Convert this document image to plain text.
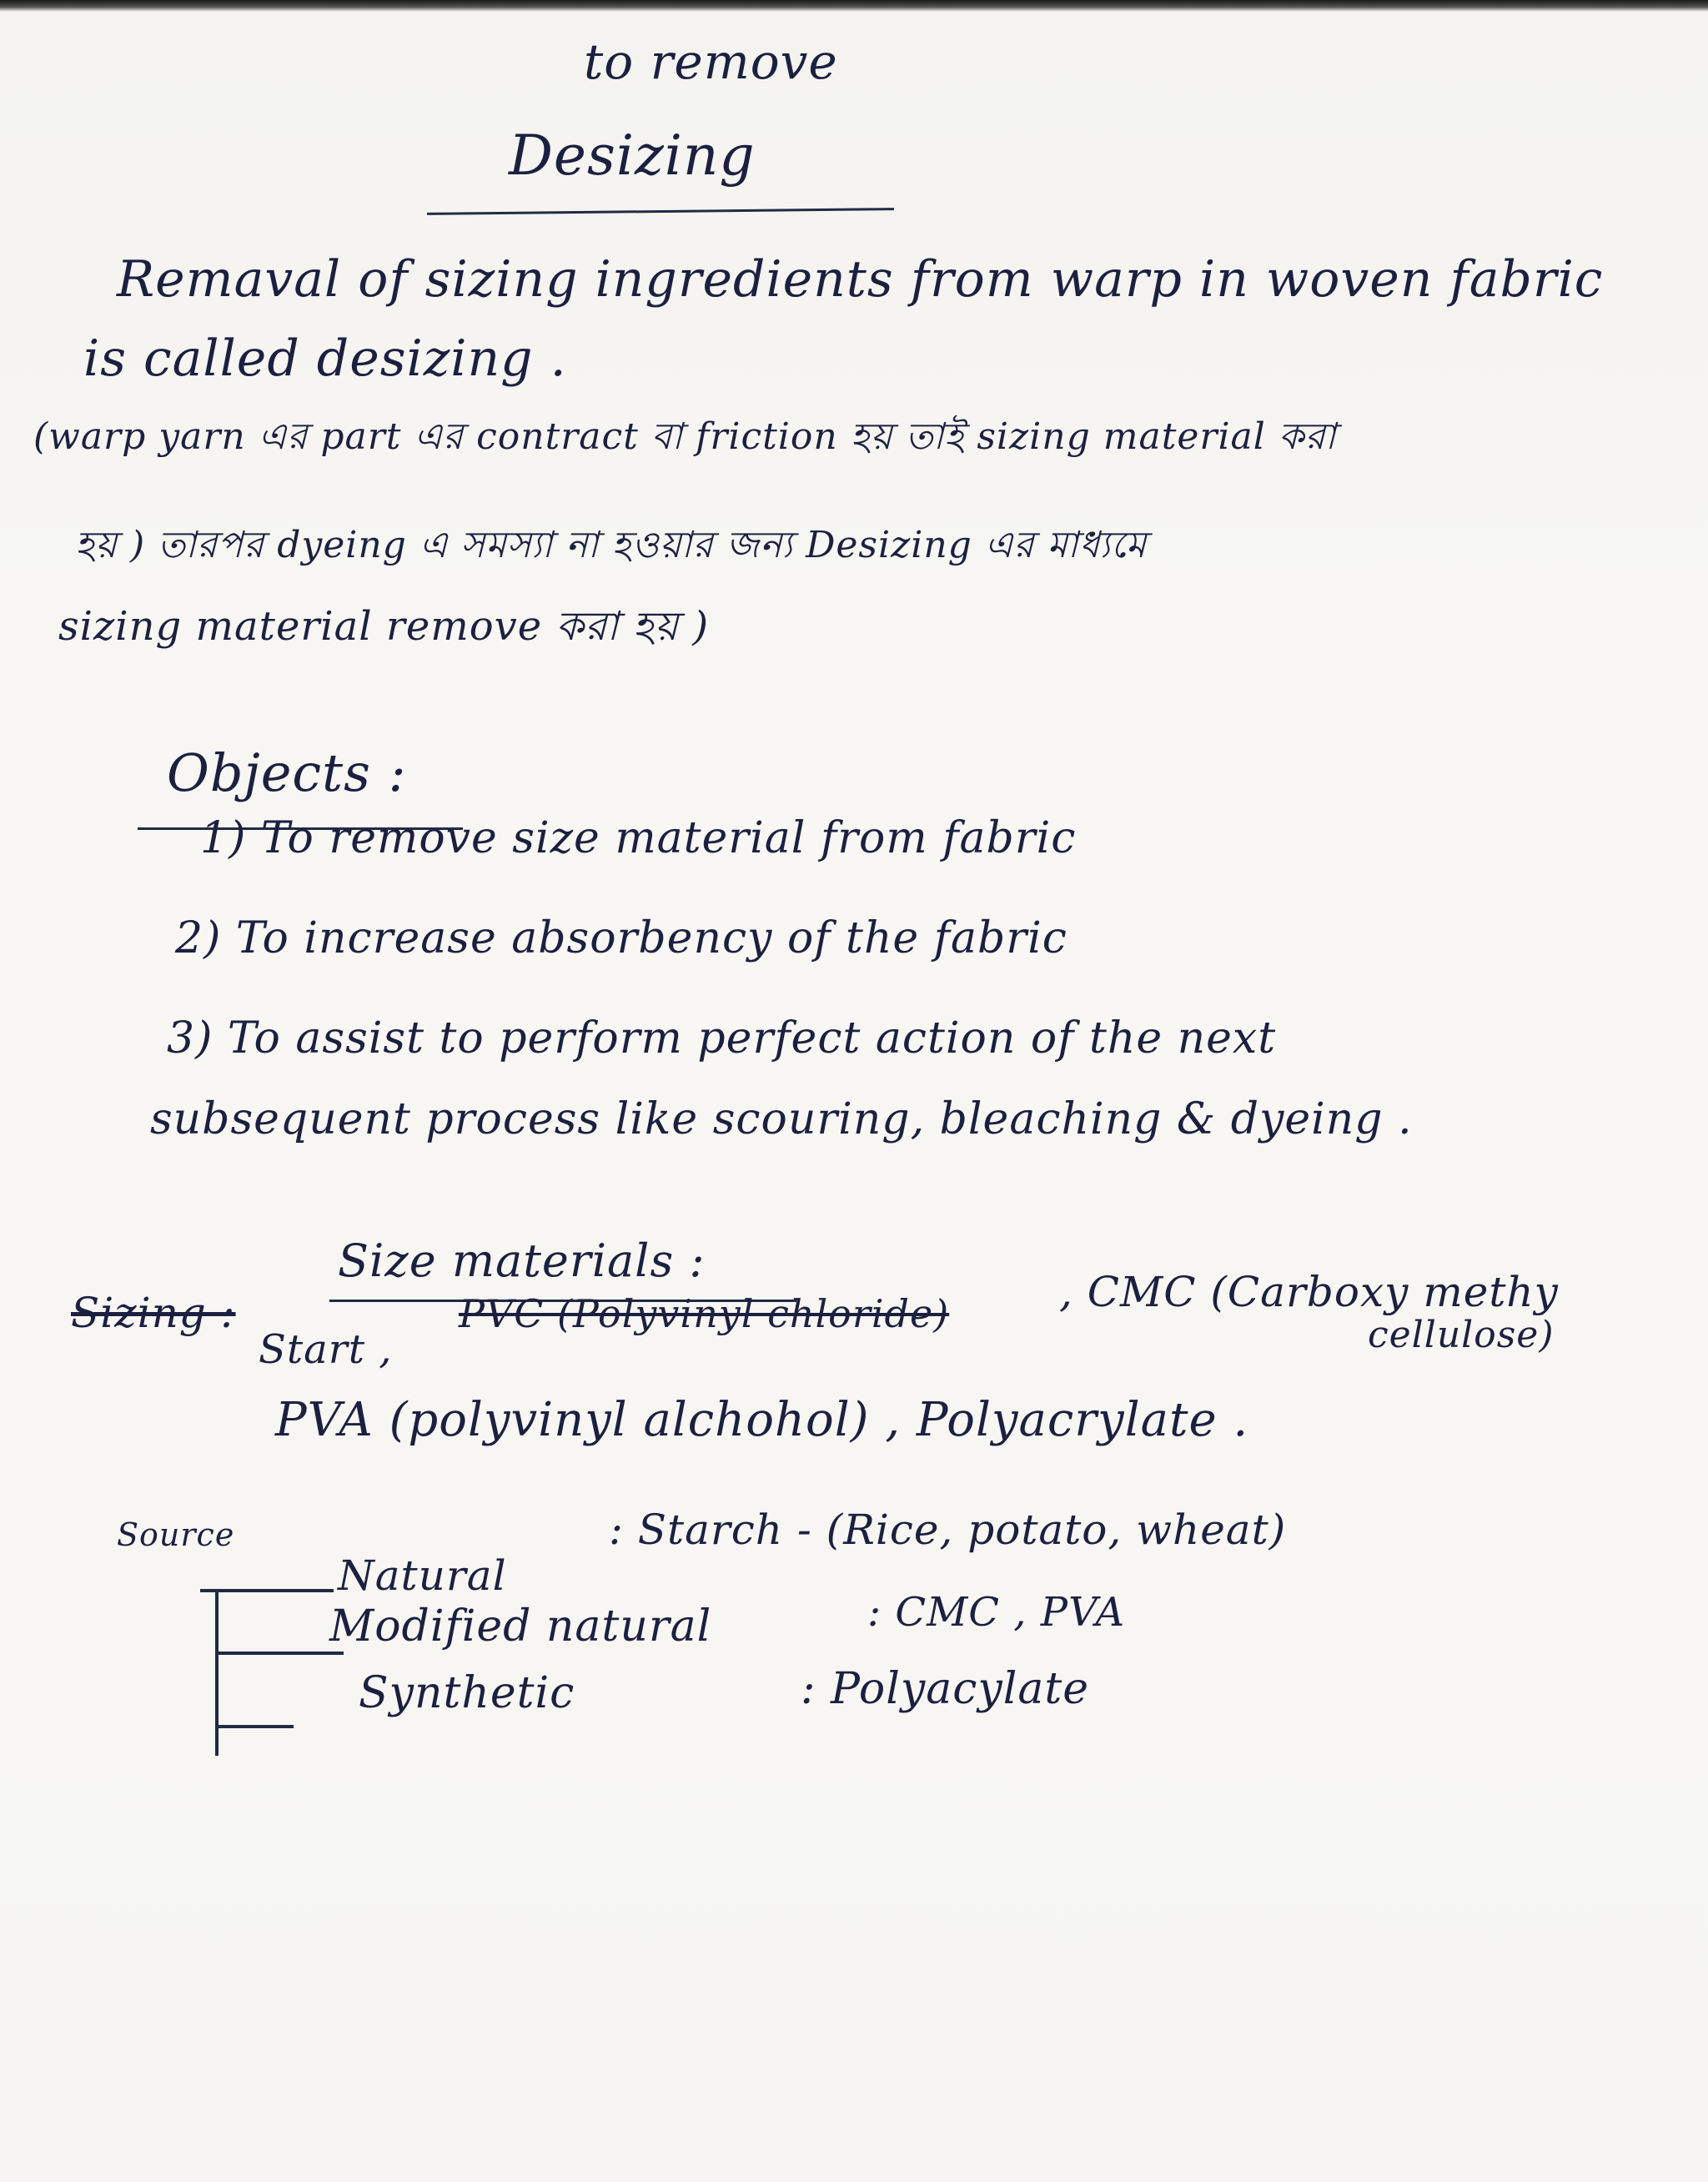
to remove
Desizing
Remaval of sizing ingredients from warp in woven fabric
is called desizing .
(warp yarn এর part এর contract বা friction হয় তাই sizing material করা
হয় ) তারপর dyeing এ সমস্যা না হওয়ার জন্য Desizing এর মাধ্যমে
sizing material remove করা হয় )
Objects :
1) To remove size material from fabric
2) To increase absorbency of the fabric
3) To assist to perform perfect action of the next
subsequent process like scouring, bleaching & dyeing .
Size materials :
Sizing :
Start ,
PVC (Polyvinyl chloride)	, CMC (Carboxy methy
cellulose)
PVA (polyvinyl alchohol) , Polyacrylate .
Source
Natural
: Starch - (Rice, potato, wheat)
Modified natural	: CMC , PVA
Synthetic	: Polyacylate
